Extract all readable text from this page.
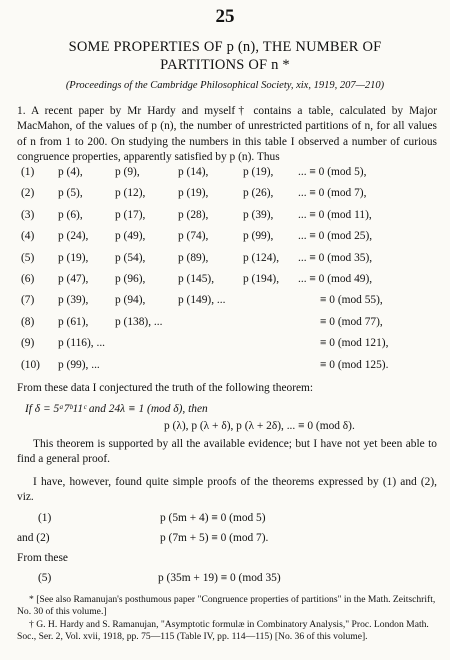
25
SOME PROPERTIES OF p (n), THE NUMBER OF
PARTITIONS OF n *
(Proceedings of the Cambridge Philosophical Society, xix, 1919, 207—210)
1. A recent paper by Mr Hardy and myself† contains a table, calculated by Major MacMahon, of the values of p (n), the number of unrestricted partitions of n, for all values of n from 1 to 200. On studying the numbers in this table I observed a number of curious congruence properties, apparently satisfied by p (n). Thus
(1)	p (4),	p (9),	p (14),	p (19), ... ≡ 0 (mod 5),
(2)	p (5),	p (12),	p (19),	p (26), ... ≡ 0 (mod 7),
(3)	p (6),	p (17),	p (28),	p (39), ... ≡ 0 (mod 11),
(4)	p (24), p (49),	p (74),	p (99), ... ≡ 0 (mod 25),
(5)	p (19), p (54),	p (89),	p (124), ... ≡ 0 (mod 35),
(6)	p (47), p (96),	p (145),	p (194), ... ≡ 0 (mod 49),
(7)	p (39), p (94),	p (149), ...	≡ 0 (mod 55),
(8)	p (61), p (138), ...	≡ 0 (mod 77),
(9)	p (116), ...	≡ 0 (mod 121),
(10)	p (99), ...	≡ 0 (mod 125).
From these data I conjectured the truth of the following theorem:
If δ = 5ᵃ7ᵇ11ᶜ and 24λ ≡ 1 (mod δ), then
p (λ), p (λ + δ), p (λ + 2δ), ... ≡ 0 (mod δ).
This theorem is supported by all the available evidence; but I have not yet been able to find a general proof.
I have, however, found quite simple proofs of the theorems expressed by (1) and (2), viz.
(1)	p (5m + 4) ≡ 0 (mod 5)
and (2)	p (7m + 5) ≡ 0 (mod 7).
From these
(5)	p (35m + 19) ≡ 0 (mod 35)
* [See also Ramanujan's posthumous paper "Congruence properties of partitions" in the Math. Zeitschrift, No. 30 of this volume.]
† G. H. Hardy and S. Ramanujan, "Asymptotic formulæ in Combinatory Analysis," Proc. London Math. Soc., Ser. 2, Vol. xvii, 1918, pp. 75—115 (Table IV, pp. 114—115) [No. 36 of this volume].
